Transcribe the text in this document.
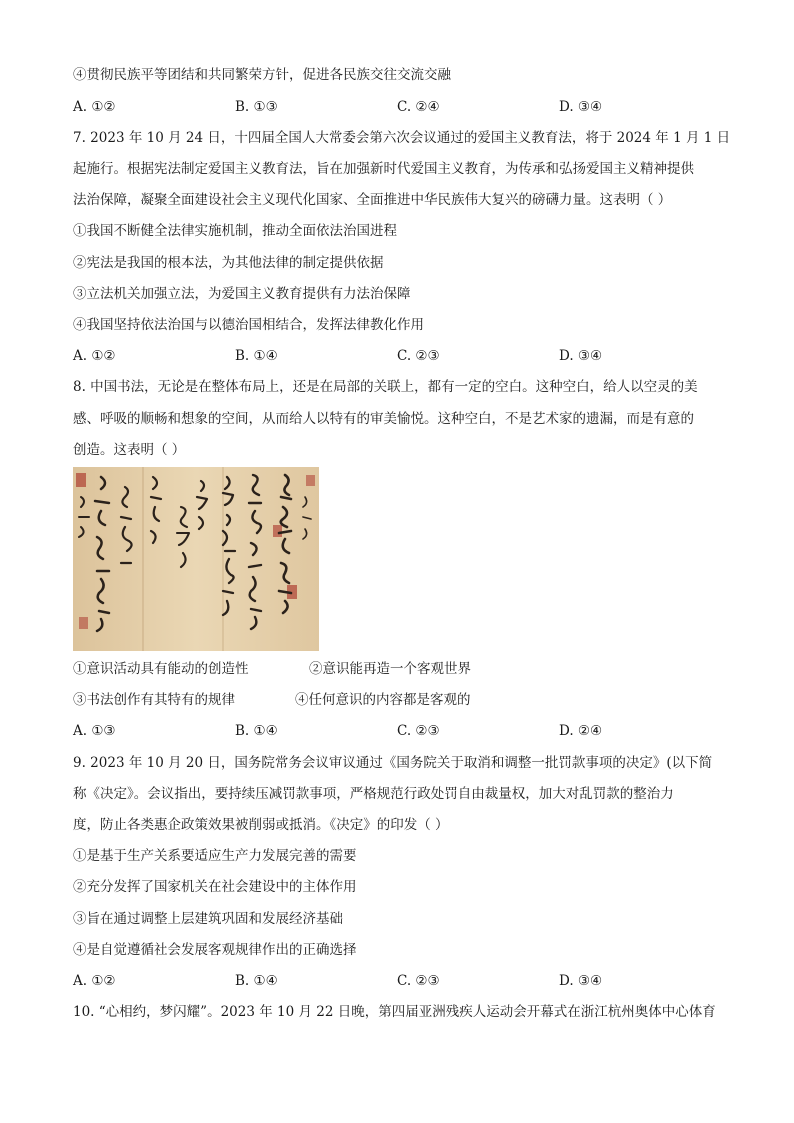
④贯彻民族平等团结和共同繁荣方针，促进各民族交往交流交融
A. ①②	B. ①③	C. ②④	D. ③④
7. 2023 年 10 月 24 日，十四届全国人大常委会第六次会议通过的爱国主义教育法，将于 2024 年 1 月 1 日
起施行。根据宪法制定爱国主义教育法，旨在加强新时代爱国主义教育，为传承和弘扬爱国主义精神提供
法治保障，凝聚全面建设社会主义现代化国家、全面推进中华民族伟大复兴的磅礴力量。这表明（ ）
①我国不断健全法律实施机制，推动全面依法治国进程
②宪法是我国的根本法，为其他法律的制定提供依据
③立法机关加强立法，为爱国主义教育提供有力法治保障
④我国坚持依法治国与以德治国相结合，发挥法律教化作用
A. ①②	B. ①④	C. ②③	D. ③④
8. 中国书法，无论是在整体布局上，还是在局部的关联上，都有一定的空白。这种空白，给人以空灵的美
感、呼吸的顺畅和想象的空间，从而给人以特有的审美愉悦。这种空白，不是艺术家的遗漏，而是有意的
创造。这表明（ ）
①意识活动具有能动的创造性	②意识能再造一个客观世界
③书法创作有其特有的规律	④任何意识的内容都是客观的
A. ①③	B. ①④	C. ②③	D. ②④
9. 2023 年 10 月 20 日，国务院常务会议审议通过《国务院关于取消和调整一批罚款事项的决定》(以下简
称《决定》。会议指出，要持续压减罚款事项，严格规范行政处罚自由裁量权，加大对乱罚款的整治力
度，防止各类惠企政策效果被削弱或抵消。《决定》的印发（ ）
①是基于生产关系要适应生产力发展完善的需要
②充分发挥了国家机关在社会建设中的主体作用
③旨在通过调整上层建筑巩固和发展经济基础
④是自觉遵循社会发展客观规律作出的正确选择
A. ①②	B. ①④	C. ②③	D. ③④
10. “心相约，梦闪耀”。2023 年 10 月 22 日晚，第四届亚洲残疾人运动会开幕式在浙江杭州奥体中心体育
